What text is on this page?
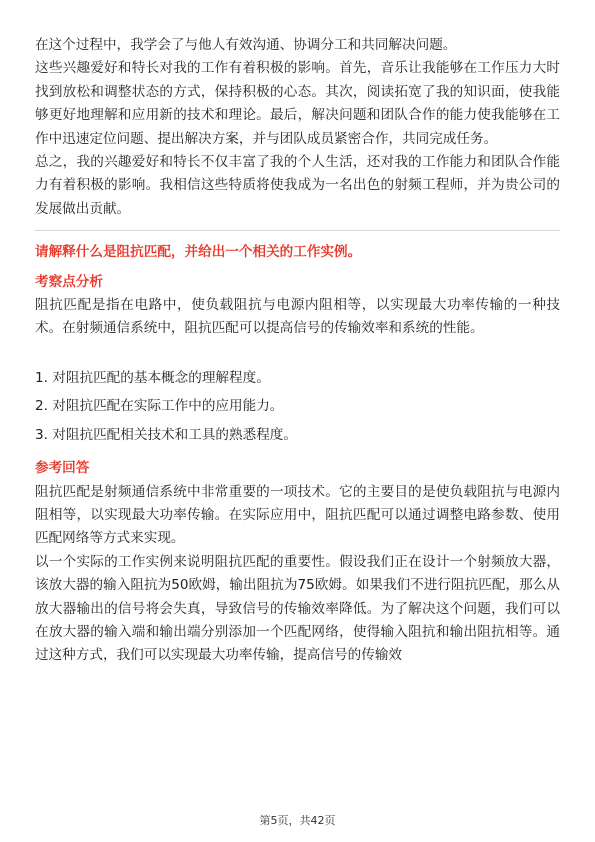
在这个过程中，我学会了与他人有效沟通、协调分工和共同解决问题。

这些兴趣爱好和特长对我的工作有着积极的影响。首先，音乐让我能够在工作压力大时找到放松和调整状态的方式，保持积极的心态。其次，阅读拓宽了我的知识面，使我能够更好地理解和应用新的技术和理论。最后，解决问题和团队合作的能力使我能够在工作中迅速定位问题、提出解决方案，并与团队成员紧密合作，共同完成任务。

总之，我的兴趣爱好和特长不仅丰富了我的个人生活，还对我的工作能力和团队合作能力有着积极的影响。我相信这些特质将使我成为一名出色的射频工程师，并为贵公司的发展做出贡献。

请解释什么是阻抗匹配，并给出一个相关的工作实例。
考察点分析

阻抗匹配是指在电路中，使负载阻抗与电源内阻相等，以实现最大功率传输的一种技术。在射频通信系统中，阻抗匹配可以提高信号的传输效率和系统的性能。

1. 对阻抗匹配的基本概念的理解程度。
2. 对阻抗匹配在实际工作中的应用能力。
3. 对阻抗匹配相关技术和工具的熟悉程度。
参考回答

阻抗匹配是射频通信系统中非常重要的一项技术。它的主要目的是使负载阻抗与电源内阻相等，以实现最大功率传输。在实际应用中，阻抗匹配可以通过调整电路参数、使用匹配网络等方式来实现。

以一个实际的工作实例来说明阻抗匹配的重要性。假设我们正在设计一个射频放大器，该放大器的输入阻抗为50欧姆，输出阻抗为75欧姆。如果我们不进行阻抗匹配，那么从放大器输出的信号将会失真，导致信号的传输效率降低。为了解决这个问题，我们可以在放大器的输入端和输出端分别添加一个匹配网络，使得输入阻抗和输出阻抗相等。通过这种方式，我们可以实现最大功率传输，提高信号的传输效

第5页，共42页
